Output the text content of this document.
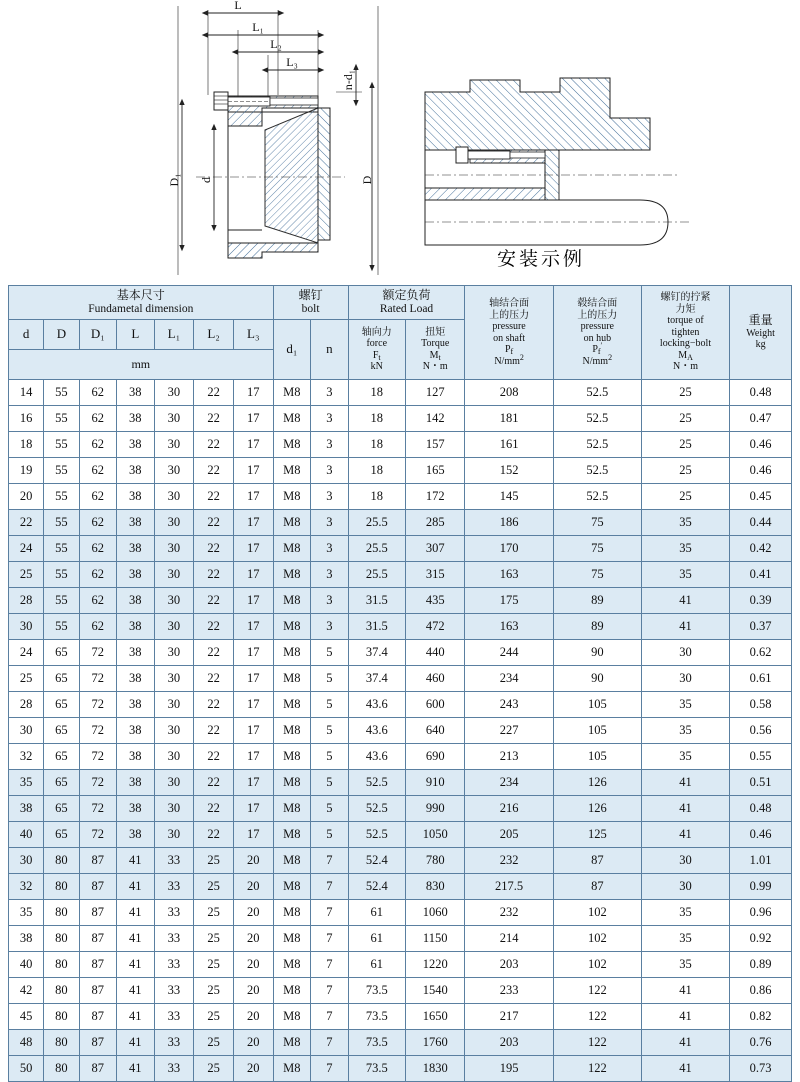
L
L₁
L₂
L₃
n-d₁
D₁ d	D
安装示例
基本尺寸
Fundametal dimension

螺钉
bolt

额定负荷
Rated Load	轴结合面
上的压力
pressure
on shaft
$P_f$
$N/mm^2$

毂结合面
上的压力
pressure
on hub
$P_f'$
$N/mm^2$

螺钉的拧紧
力矩
torque of
tighten
locking−bolt
$M_A$
N・m

重量
Weight
kg

d	D	D₁	L	L₁	L₂	L₃	d₁	n	
轴向力
force
$F_t$
kN

扭矩
Torque
$M_t$
N・m

mm														
14	55	62	38	30	22	17	M8	3	18	127	208	52.5	25	0.48
16	55	62	38	30	22	17	M8	3	18	142	181	52.5	25	0.47
18	55	62	38	30	22	17	M8	3	18	157	161	52.5	25	0.46
19	55	62	38	30	22	17	M8	3	18	165	152	52.5	25	0.46
20	55	62	38	30	22	17	M8	3	18	172	145	52.5	25	0.45
22	55	62	38	30	22	17	M8	3	25.5	285	186	75	35	0.44
24	55	62	38	30	22	17	M8	3	25.5	307	170	75	35	0.42
25	55	62	38	30	22	17	M8	3	25.5	315	163	75	35	0.41
28	55	62	38	30	22	17	M8	3	31.5	435	175	89	41	0.39
30	55	62	38	30	22	17	M8	3	31.5	472	163	89	41	0.37
24	65	72	38	30	22	17	M8	5	37.4	440	244	90	30	0.62
25	65	72	38	30	22	17	M8	5	37.4	460	234	90	30	0.61
28	65	72	38	30	22	17	M8	5	43.6	600	243	105	35	0.58
30	65	72	38	30	22	17	M8	5	43.6	640	227	105	35	0.56
32	65	72	38	30	22	17	M8	5	43.6	690	213	105	35	0.55
35	65	72	38	30	22	17	M8	5	52.5	910	234	126	41	0.51
38	65	72	38	30	22	17	M8	5	52.5	990	216	126	41	0.48
40	65	72	38	30	22	17	M8	5	52.5	1050	205	125	41	0.46
30	80	87	41	33	25	20	M8	7	52.4	780	232	87	30	1.01
32	80	87	41	33	25	20	M8	7	52.4	830	217.5	87	30	0.99
35	80	87	41	33	25	20	M8	7	61	1060	232	102	35	0.96
38	80	87	41	33	25	20	M8	7	61	1150	214	102	35	0.92
40	80	87	41	33	25	20	M8	7	61	1220	203	102	35	0.89
42	80	87	41	33	25	20	M8	7	73.5	1540	233	122	41	0.86
45	80	87	41	33	25	20	M8	7	73.5	1650	217	122	41	0.82
48	80	87	41	33	25	20	M8	7	73.5	1760	203	122	41	0.76
50	80	87	41	33	25	20	M8	7	73.5	1830	195	122	41	0.73
